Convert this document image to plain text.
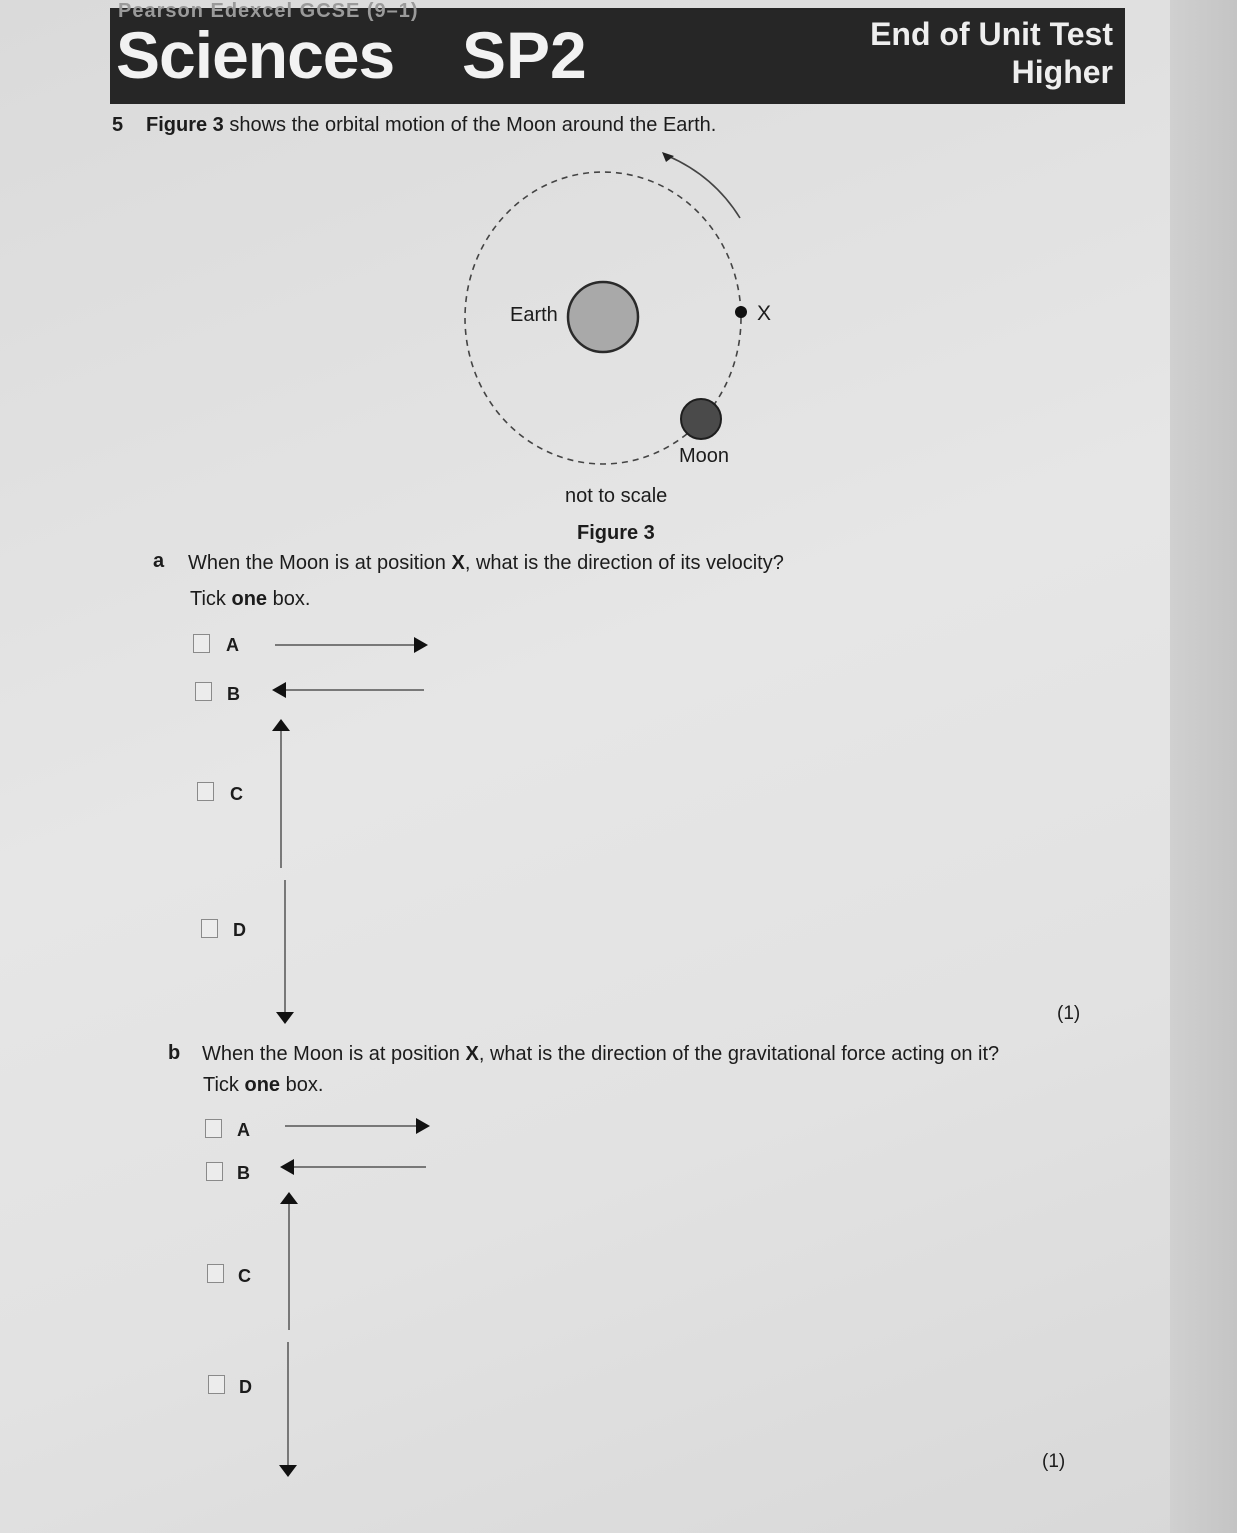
Pearson Edexcel GCSE (9–1)
Sciences SP2	End of Unit Test
Higher
5 Figure 3 shows the orbital motion of the Moon around the Earth.
Earth	X
Moon
not to scale
Figure 3
a When the Moon is at position X, what is the direction of its velocity?
Tick one box.
A
B
C
D
(1)
b When the Moon is at position X, what is the direction of the gravitational force acting on it?
Tick one box.
A
B
C
D
(1)
